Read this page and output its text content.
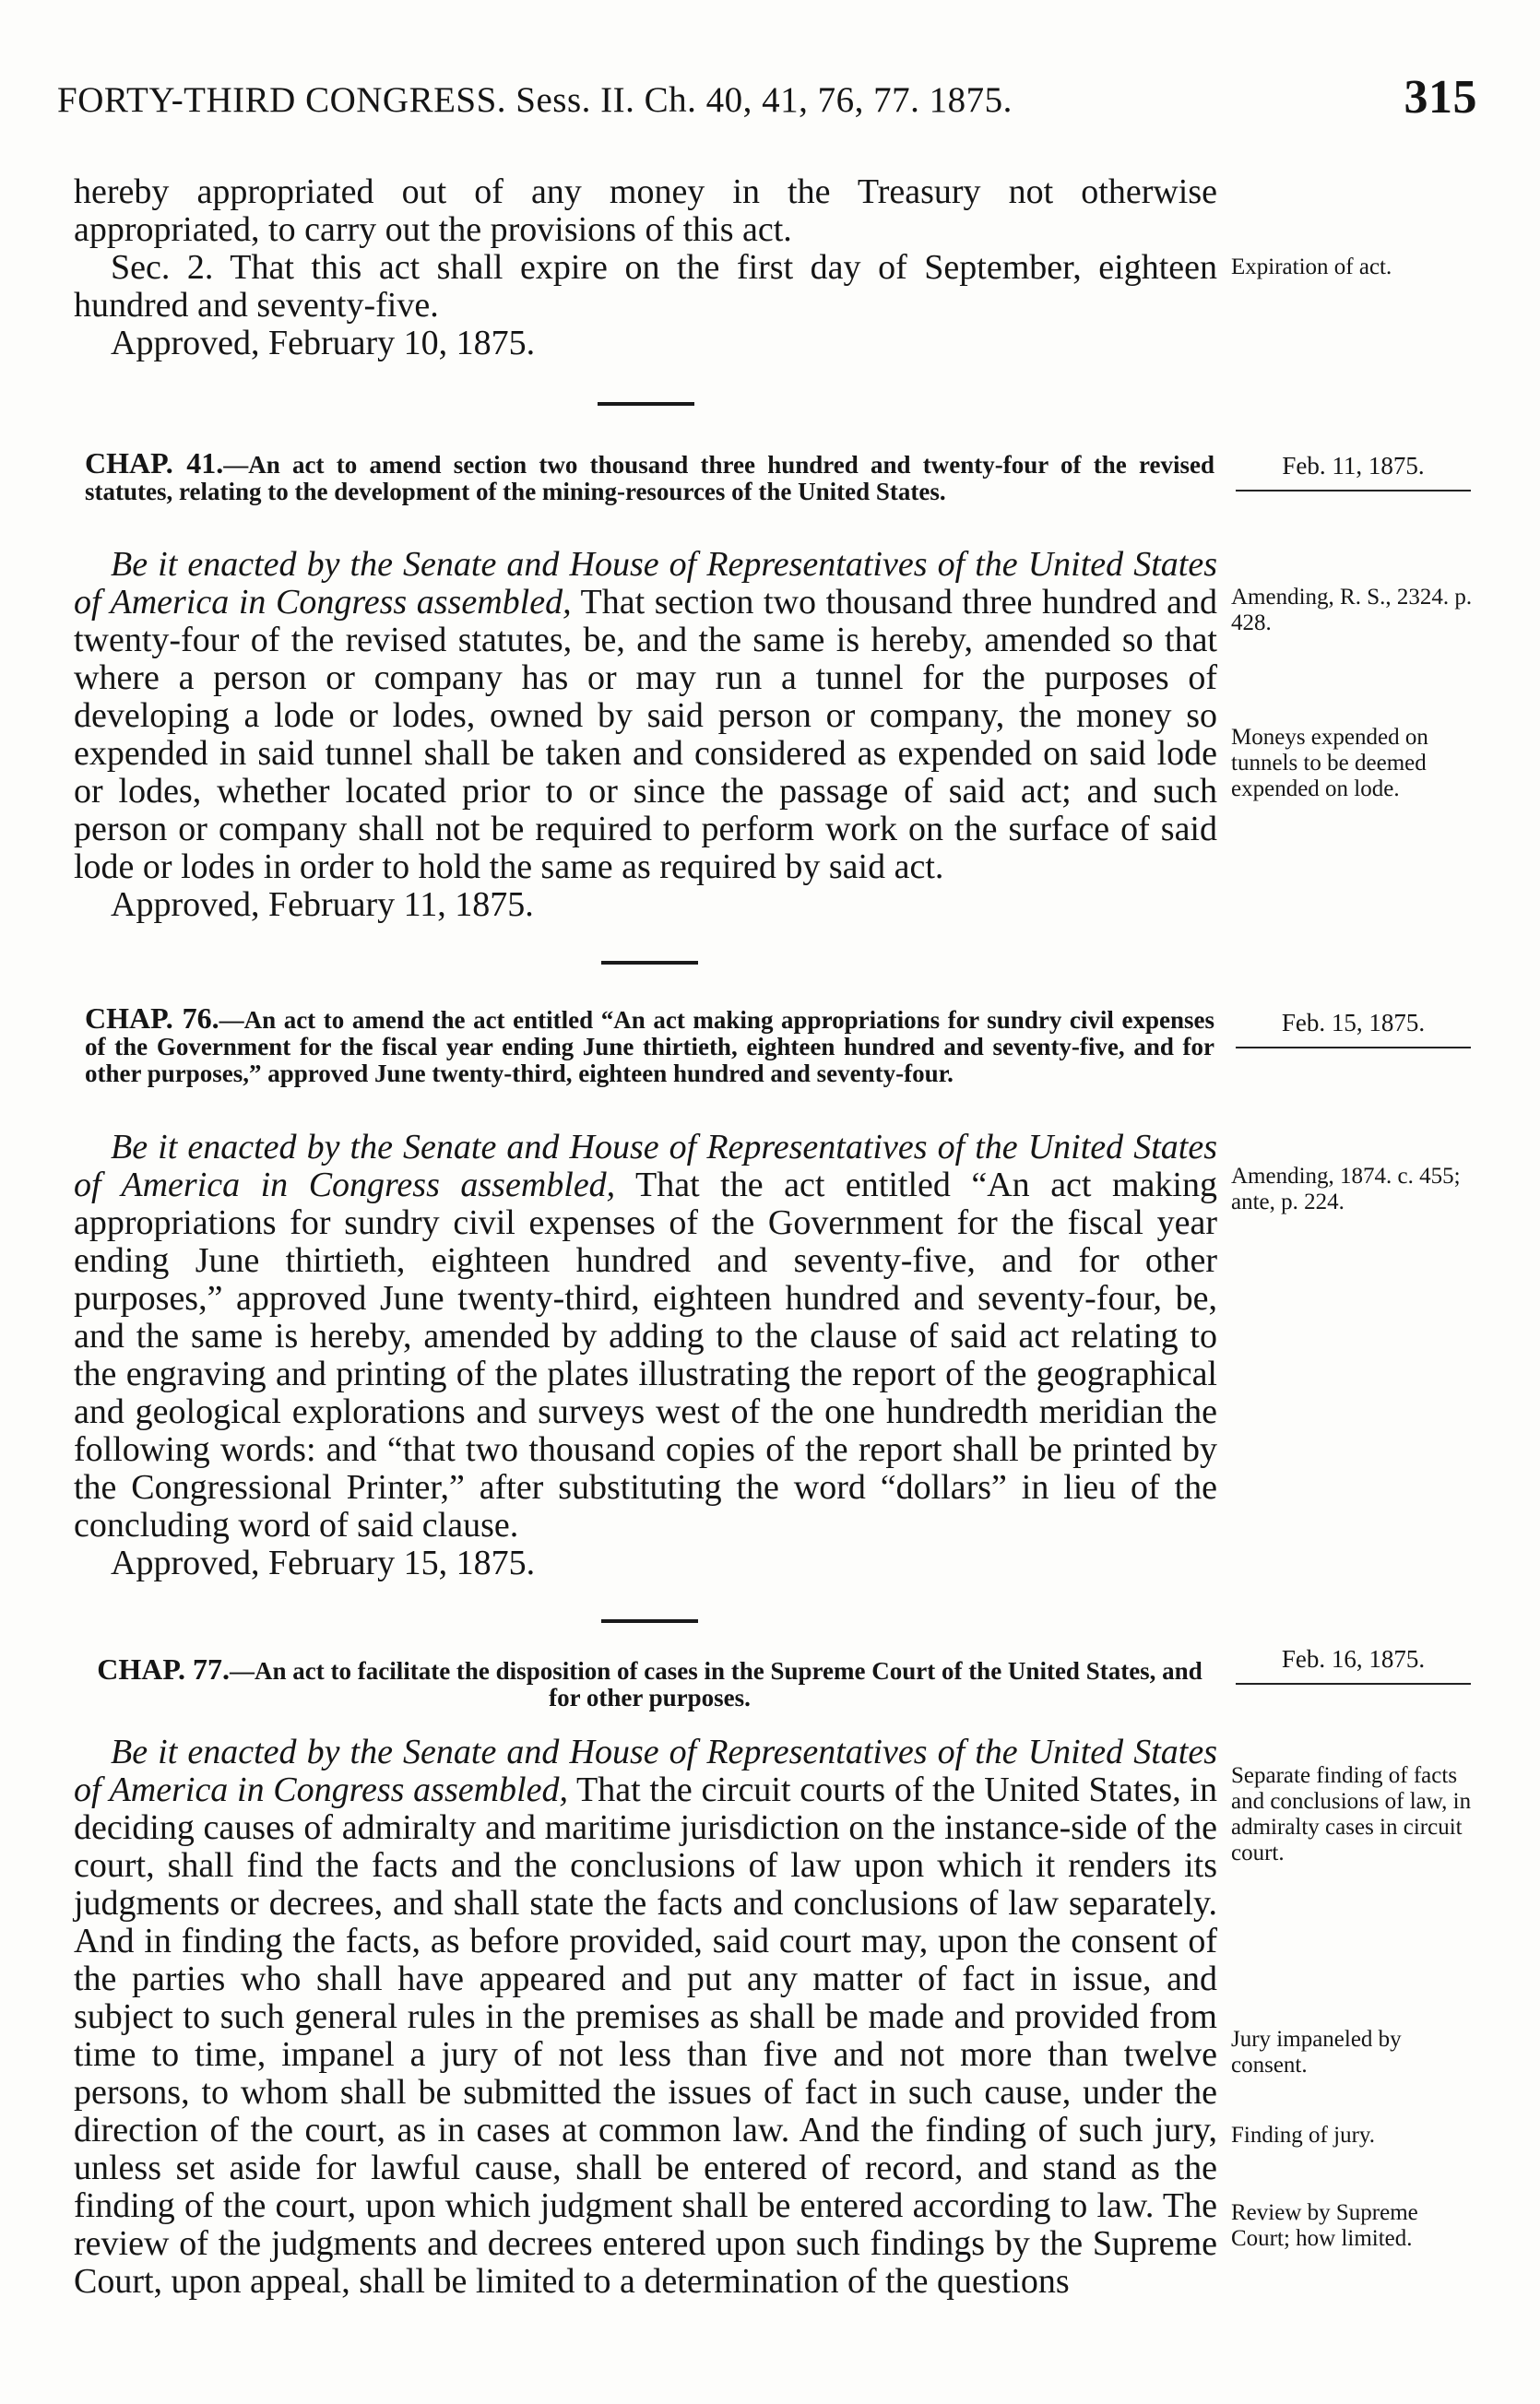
FORTY-THIRD CONGRESS. Sess. II. Ch. 40, 41, 76, 77. 1875.	315

hereby appropriated out of any money in the Treasury not otherwise appropriated, to carry out the provisions of this act.

Sec. 2. That this act shall expire on the first day of September, eighteen hundred and seventy-five.

Approved, February 10, 1875.

Expiration of act.
CHAP. 41.—An act to amend section two thousand three hundred and twenty-four of the revised statutes, relating to the development of the mining-resources of the United States.
Feb. 11, 1875.

Be it enacted by the Senate and House of Representatives of the United States of America in Congress assembled, That section two thousand three hundred and twenty-four of the revised statutes, be, and the same is hereby, amended so that where a person or company has or may run a tunnel for the purposes of developing a lode or lodes, owned by said person or company, the money so expended in said tunnel shall be taken and considered as expended on said lode or lodes, whether located prior to or since the passage of said act; and such person or company shall not be required to perform work on the surface of said lode or lodes in order to hold the same as required by said act.

Approved, February 11, 1875.

Amending, R. S., 2324. p. 428.
Moneys expended on tunnels to be deemed expended on lode.
CHAP. 76.—An act to amend the act entitled “An act making appropriations for sundry civil expenses of the Government for the fiscal year ending June thirtieth, eighteen hundred and seventy-five, and for other purposes,” approved June twenty-third, eighteen hundred and seventy-four.
Feb. 15, 1875.

Be it enacted by the Senate and House of Representatives of the United States of America in Congress assembled, That the act entitled “An act making appropriations for sundry civil expenses of the Government for the fiscal year ending June thirtieth, eighteen hundred and seventy-five, and for other purposes,” approved June twenty-third, eighteen hundred and seventy-four, be, and the same is hereby, amended by adding to the clause of said act relating to the engraving and printing of the plates illustrating the report of the geographical and geological explorations and surveys west of the one hundredth meridian the following words: and “that two thousand copies of the report shall be printed by the Congressional Printer,” after substituting the word “dollars” in lieu of the concluding word of said clause.

Approved, February 15, 1875.

Amending, 1874. c. 455; ante, p. 224.
CHAP. 77.—An act to facilitate the disposition of cases in the Supreme Court of the United States, and for other purposes.
Feb. 16, 1875.

Be it enacted by the Senate and House of Representatives of the United States of America in Congress assembled, That the circuit courts of the United States, in deciding causes of admiralty and maritime jurisdiction on the instance-side of the court, shall find the facts and the conclusions of law upon which it renders its judgments or decrees, and shall state the facts and conclusions of law separately. And in finding the facts, as before provided, said court may, upon the consent of the parties who shall have appeared and put any matter of fact in issue, and subject to such general rules in the premises as shall be made and provided from time to time, impanel a jury of not less than five and not more than twelve persons, to whom shall be submitted the issues of fact in such cause, under the direction of the court, as in cases at common law. And the finding of such jury, unless set aside for lawful cause, shall be entered of record, and stand as the finding of the court, upon which judgment shall be entered according to law. The review of the judgments and decrees entered upon such findings by the Supreme Court, upon appeal, shall be limited to a determination of the questions

Separate finding of facts and conclusions of law, in admiralty cases in circuit court.
Jury impaneled by consent.
Finding of jury.
Review by Supreme Court; how limited.
